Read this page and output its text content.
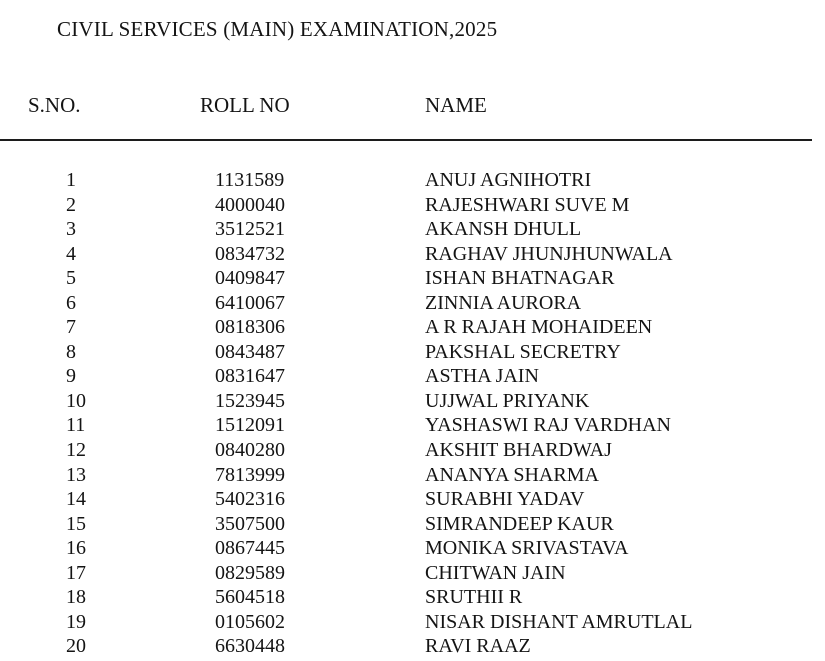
CIVIL SERVICES (MAIN) EXAMINATION,2025
S.NO.	ROLL NO	NAME
1	1131589	ANUJ AGNIHOTRI
2	4000040	RAJESHWARI SUVE M
3	3512521	AKANSH DHULL
4	0834732	RAGHAV JHUNJHUNWALA
5	0409847	ISHAN BHATNAGAR
6	6410067	ZINNIA AURORA
7	0818306	A R RAJAH MOHAIDEEN
8	0843487	PAKSHAL SECRETRY
9	0831647	ASTHA JAIN
10	1523945	UJJWAL PRIYANK
11	1512091	YASHASWI RAJ VARDHAN
12	0840280	AKSHIT BHARDWAJ
13	7813999	ANANYA SHARMA
14	5402316	SURABHI YADAV
15	3507500	SIMRANDEEP KAUR
16	0867445	MONIKA SRIVASTAVA
17	0829589	CHITWAN JAIN
18	5604518	SRUTHII R
19	0105602	NISAR DISHANT AMRUTLAL
20	6630448	RAVI RAAZ
